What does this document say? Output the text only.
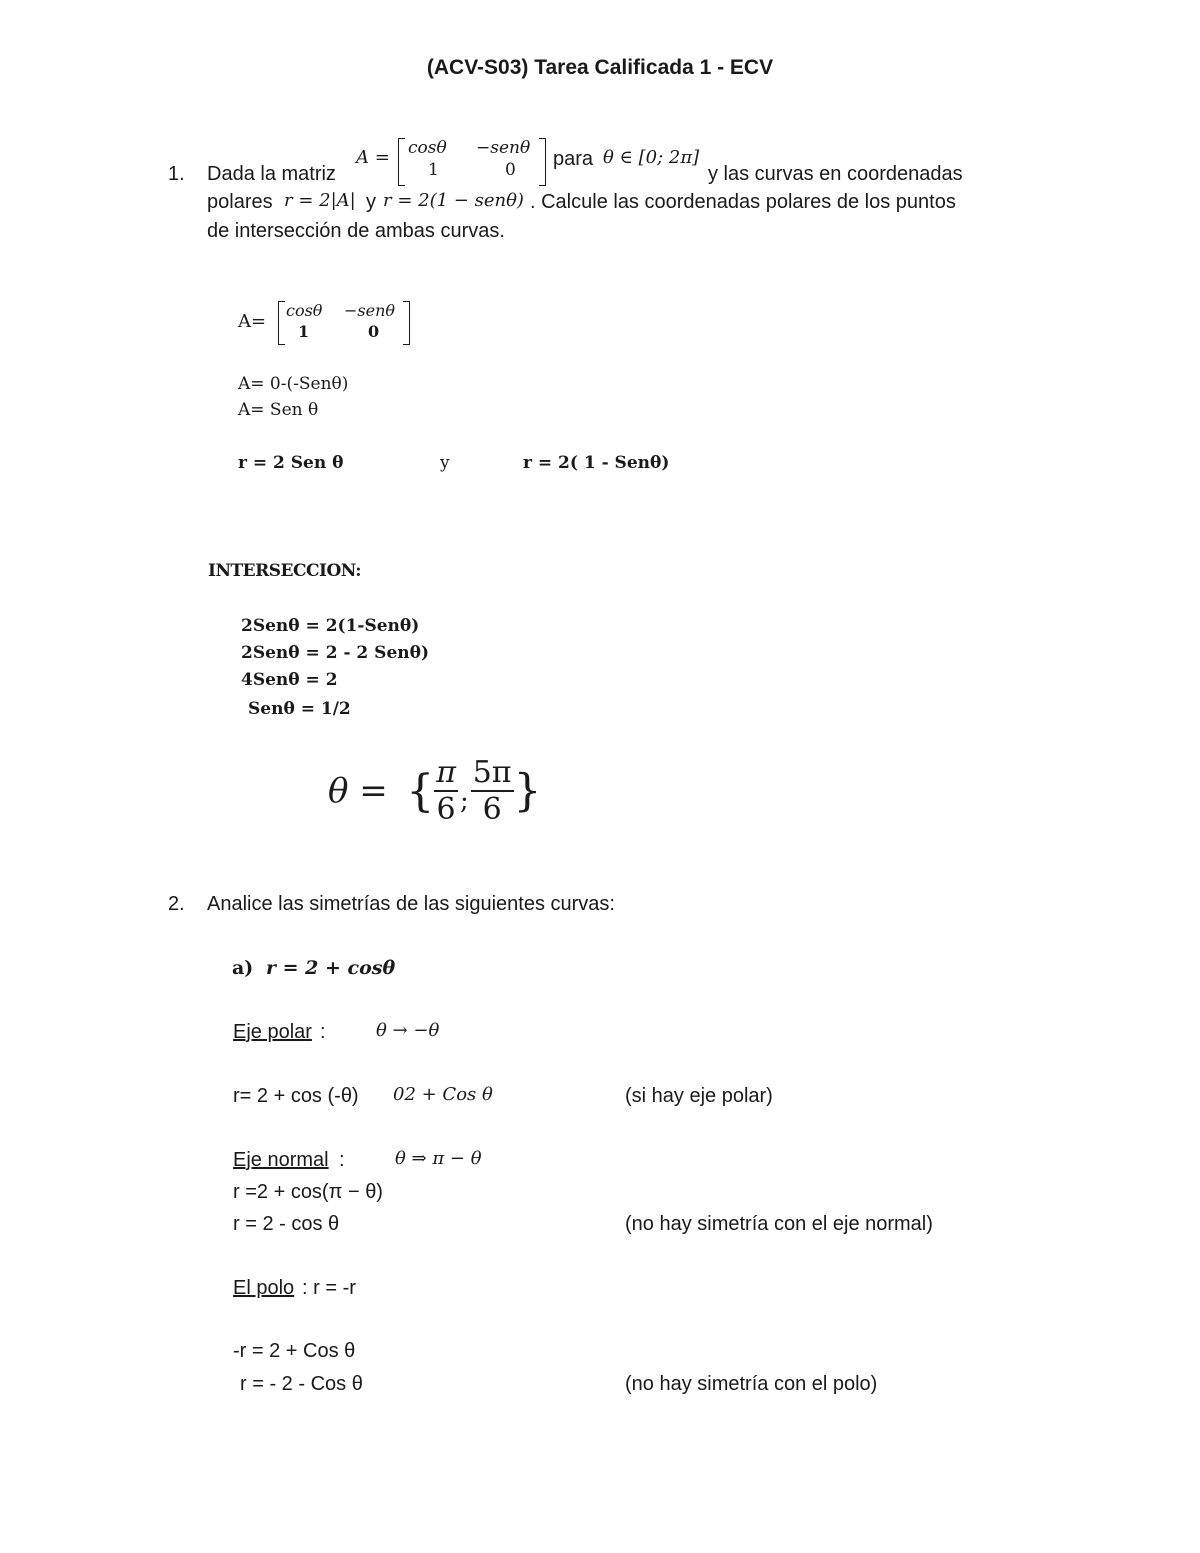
(ACV-S03) Tarea Calificada 1 - ECV
1. Dada la matriz
A = cosθ −senθ
1	0 para θ ∈ [0; 2π]
y las curvas en coordenadas
polares r = 2|A| y r = 2(1 − senθ) . Calcule las coordenadas polares de los puntos
de intersección de ambas curvas.
A=
cosθ −senθ
1	0
A= 0-(-Senθ)
A= Sen θ
r = 2 Sen θ	y	r = 2( 1 - Senθ)
INTERSECCION:
2Senθ = 2(1-Senθ)
2Senθ = 2 - 2 Senθ)
4Senθ = 2
Senθ = 1/2
θ = { $\frac{\pi}{6}$ ; $\frac{5\pi}{6}$ }
2. Analice las simetrías de las siguientes curvas:
a) r = 2 + cosθ
Eje polar :	θ → −θ
r= 2 + cos (-θ) 02 + Cos θ	(si hay eje polar)
Eje normal :	θ ⇒ π − θ
r =2 + cos(π − θ)
r = 2 - cos θ	(no hay simetría con el eje normal)
El polo : r = -r
-r = 2 + Cos θ
r = - 2 - Cos θ	(no hay simetría con el polo)
